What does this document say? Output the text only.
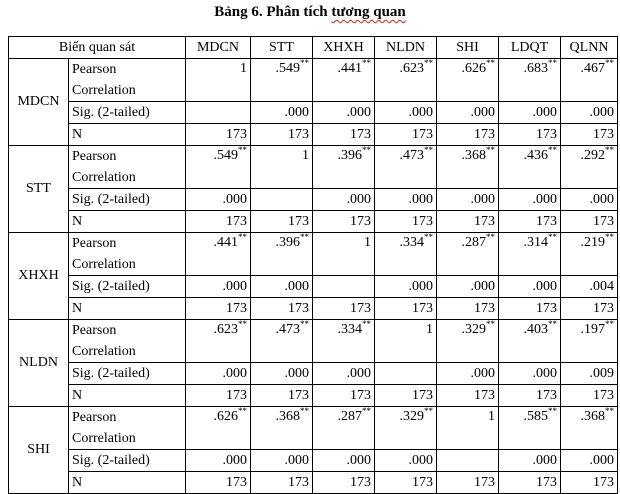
Bảng 6. Phân tích tương quan
Biến quan sát		MDCN	STT	XHXH	NLDN	SHI	LDQT	QLNN
MDCN	Pearson Correlation	1	.549**	.441**	.623**	.626**	.683**	.467**
	Sig. (2-tailed)		.000	.000	.000	.000	.000	.000
	N	173	173	173	173	173	173	173
STT	Pearson Correlation	.549**	1	.396**	.473**	.368**	.436**	.292**
	Sig. (2-tailed)	.000		.000	.000	.000	.000	.000
	N	173	173	173	173	173	173	173
XHXH	Pearson Correlation	.441**	.396**	1	.334**	.287**	.314**	.219**
	Sig. (2-tailed)	.000	.000		.000	.000	.000	.004
	N	173	173	173	173	173	173	173
NLDN	Pearson Correlation	.623**	.473**	.334**	1	.329**	.403**	.197**
	Sig. (2-tailed)	.000	.000	.000		.000	.000	.009
	N	173	173	173	173	173	173	173
SHI	Pearson Correlation	.626**	.368**	.287**	.329**	1	.585**	.368**
	Sig. (2-tailed)	.000	.000	.000	.000		.000	.000
	N	173	173	173	173	173	173	173
